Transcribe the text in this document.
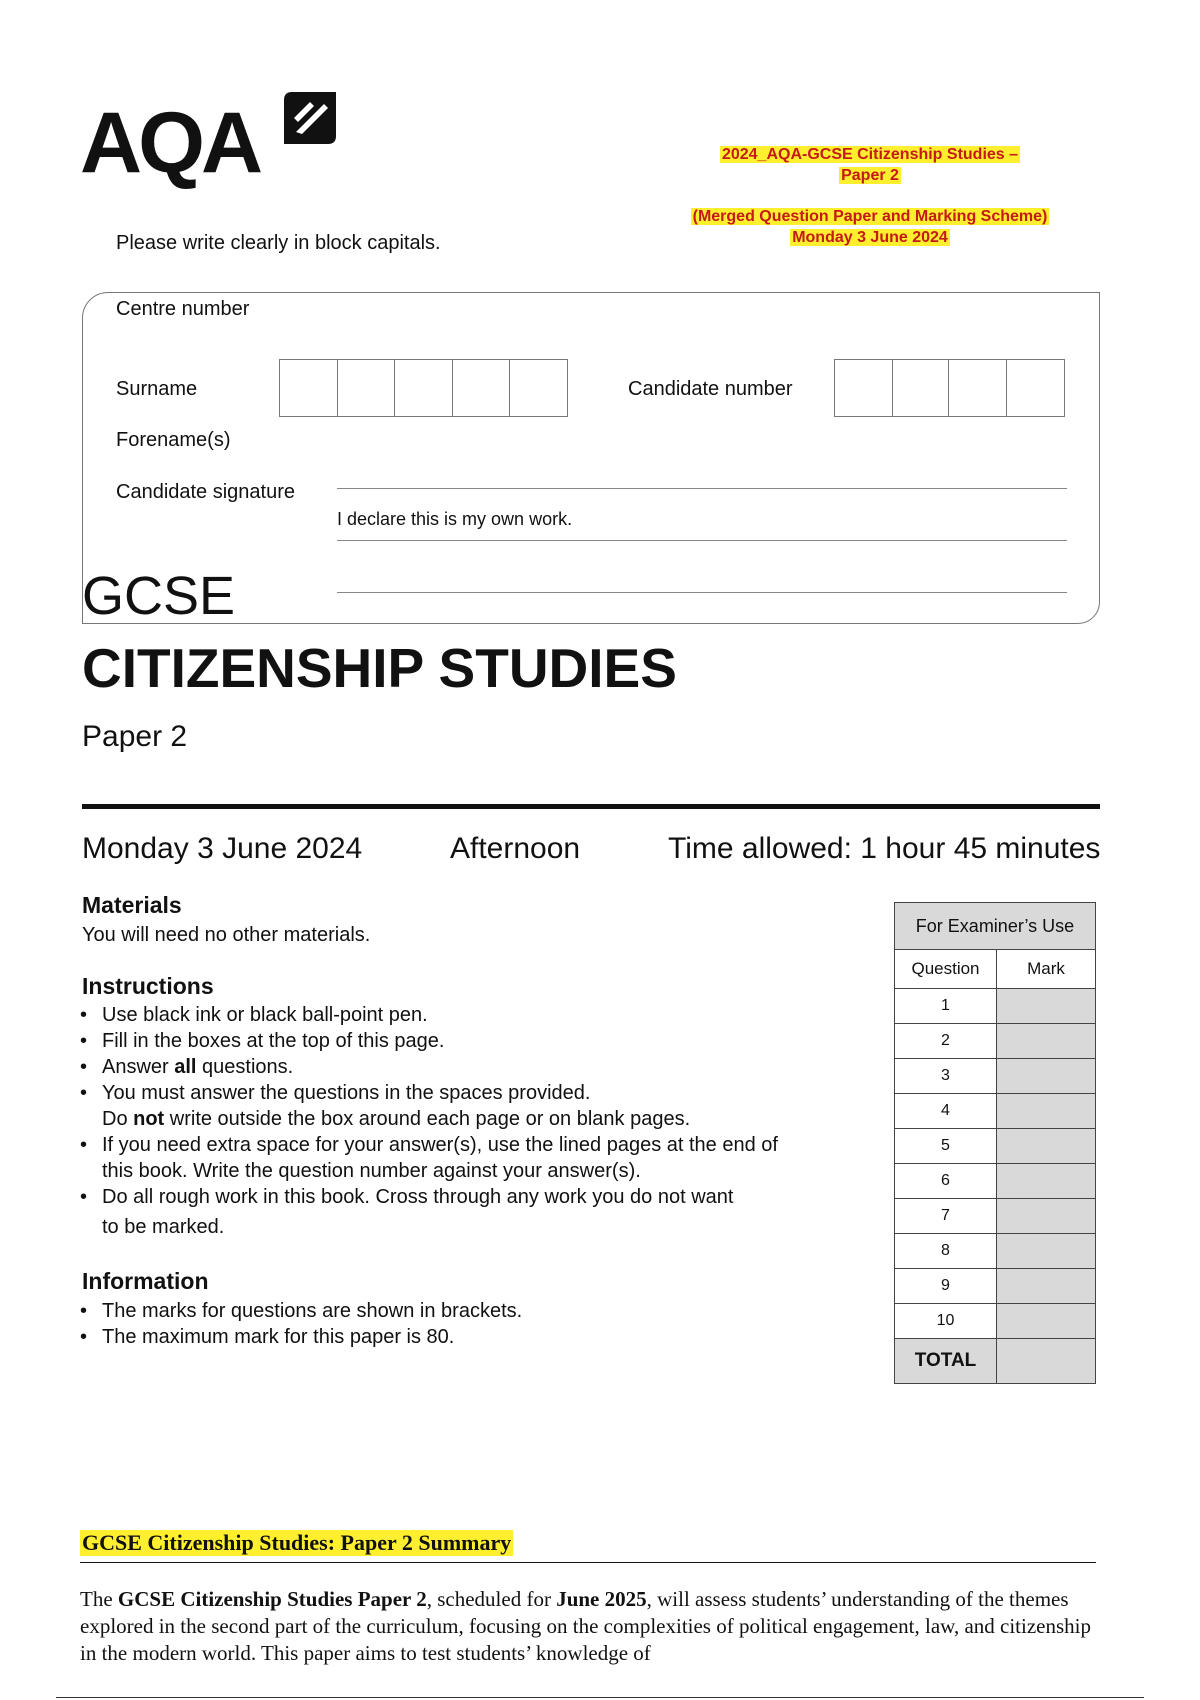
AQA	2024_AQA-GCSE Citizenship Studies –
Paper 2
(Merged Question Paper and Marking Scheme)
Monday 3 June 2024
Please write clearly in block capitals.
Centre number
Surname	Candidate number
Forename(s)
Candidate signature
I declare this is my own work.
GCSE
CITIZENSHIP STUDIES
Paper 2
Monday 3 June 2024	Afternoon	Time allowed: 1 hour 45 minutes
Materials
You will need no other materials.
Instructions
• Use black ink or black ball-point pen.
• Fill in the boxes at the top of this page.
• Answer all questions.
• You must answer the questions in the spaces provided.
Do not write outside the box around each page or on blank pages.
• If you need extra space for your answer(s), use the lined pages at the end of
this book. Write the question number against your answer(s).
• Do all rough work in this book. Cross through any work you do not want
to be marked.
Information
• The marks for questions are shown in brackets.
• The maximum mark for this paper is 80.
For Examiner’s Use
Question	Mark
1
2
3
4
5
6
7
8
9
10
TOTAL
GCSE Citizenship Studies: Paper 2 Summary
The GCSE Citizenship Studies Paper 2, scheduled for June 2025, will assess students’ understanding of the themes explored in the second part of the curriculum, focusing on the complexities of political engagement, law, and citizenship in the modern world. This paper aims to test students’ knowledge of
